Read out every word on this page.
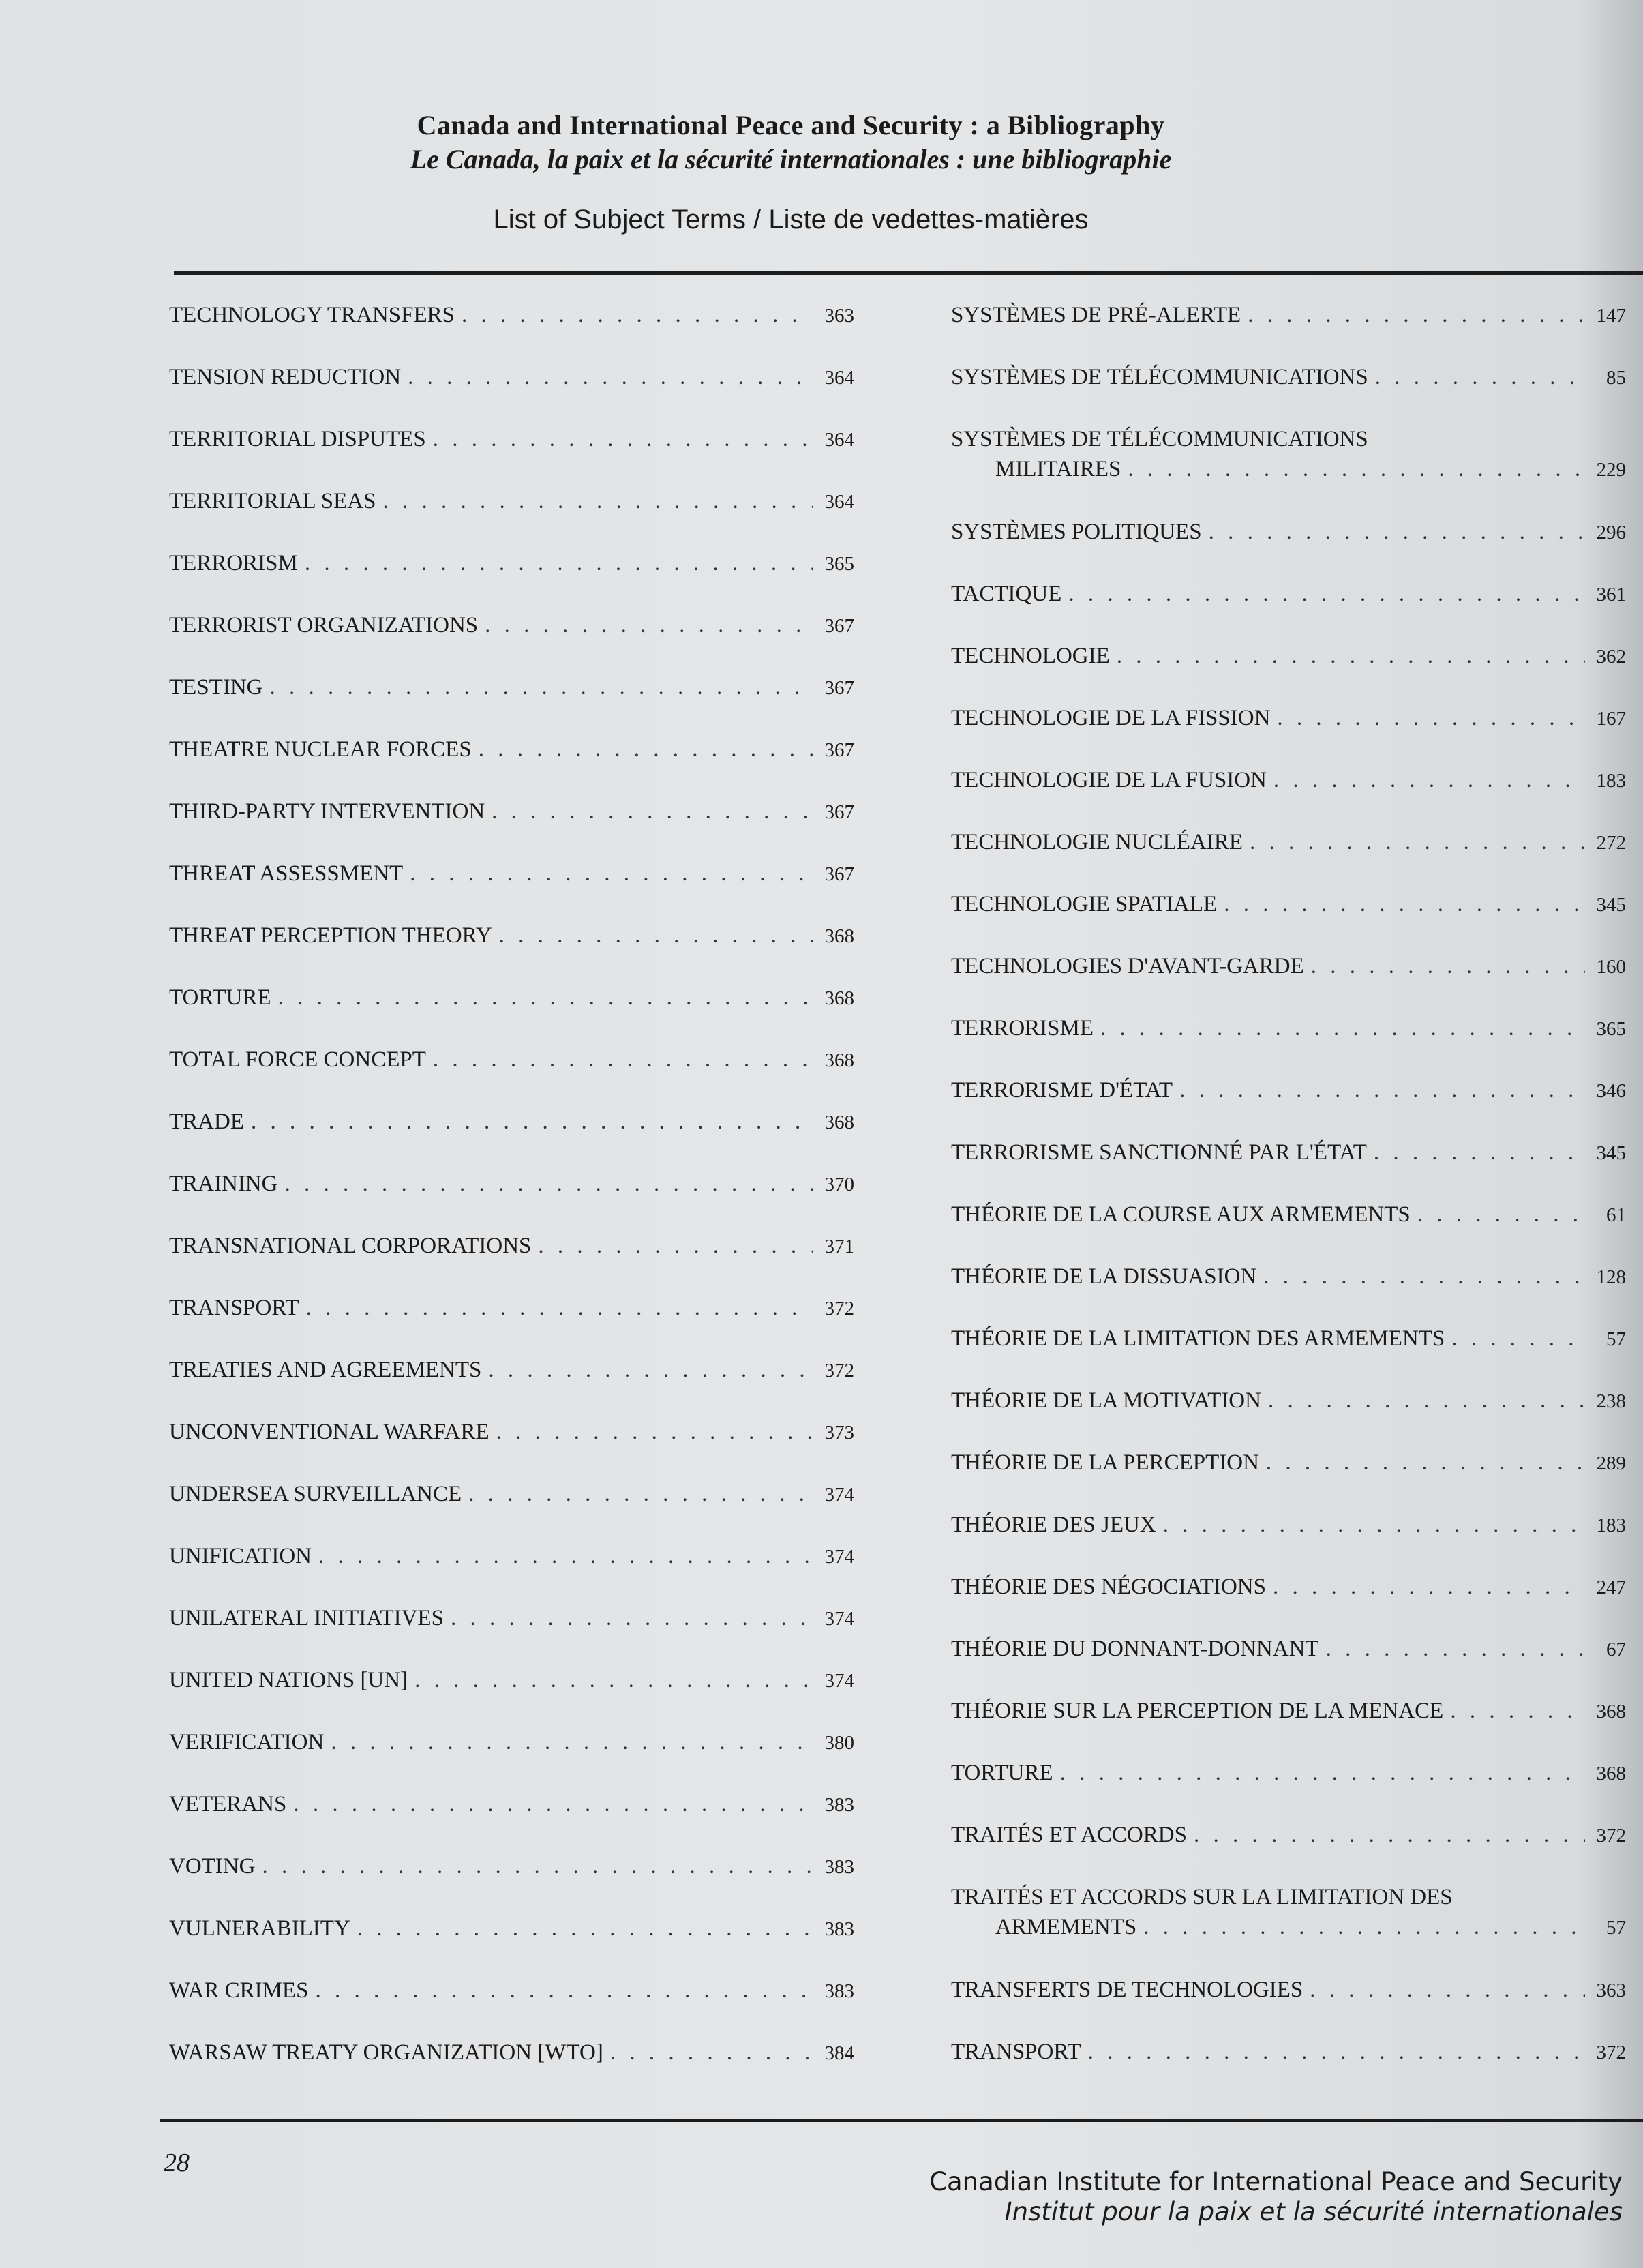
Canada and International Peace and Security : a Bibliography
Le Canada, la paix et la sécurité internationales : une bibliographie
List of Subject Terms / Liste de vedettes-matières
TECHNOLOGY TRANSFERS . . .	363
TENSION REDUCTION . . .	364
TERRITORIAL DISPUTES . . .	364
TERRITORIAL SEAS . . .	364
TERRORISM . . .	365
TERRORIST ORGANIZATIONS . . .	367
TESTING . . .	367
THEATRE NUCLEAR FORCES . . .	367
THIRD-PARTY INTERVENTION . . .	367
THREAT ASSESSMENT . . .	367
THREAT PERCEPTION THEORY . . .	368
TORTURE . . .	368
TOTAL FORCE CONCEPT . . .	368
TRADE . . .	368
TRAINING . . .	370
TRANSNATIONAL CORPORATIONS . . .	371
TRANSPORT . . .	372
TREATIES AND AGREEMENTS . . .	372
UNCONVENTIONAL WARFARE . . .	373
UNDERSEA SURVEILLANCE . . .	374
UNIFICATION . . .	374
UNILATERAL INITIATIVES . . .	374
UNITED NATIONS [UN] . . .	374
VERIFICATION . . .	380
VETERANS . . .	383
VOTING . . .	383
VULNERABILITY . . .	383
WAR CRIMES . . .	383
WARSAW TREATY ORGANIZATION [WTO] . . .	384
SYSTÈMES DE PRÉ-ALERTE . . .	147
SYSTÈMES DE TÉLÉCOMMUNICATIONS . . .	85
SYSTÈMES DE TÉLÉCOMMUNICATIONS
MILITAIRES . . .	229
SYSTÈMES POLITIQUES . . .	296
TACTIQUE . . .	361
TECHNOLOGIE . . .	362
TECHNOLOGIE DE LA FISSION . . .	167
TECHNOLOGIE DE LA FUSION . . .	183
TECHNOLOGIE NUCLÉAIRE . . .	272
TECHNOLOGIE SPATIALE . . .	345
TECHNOLOGIES D'AVANT-GARDE . . .	160
TERRORISME . . .	365
TERRORISME D'ÉTAT . . .	346
TERRORISME SANCTIONNÉ PAR L'ÉTAT . . .	345
THÉORIE DE LA COURSE AUX ARMEMENTS . . .	61
THÉORIE DE LA DISSUASION . . .	128
THÉORIE DE LA LIMITATION DES ARMEMENTS . . .	57
THÉORIE DE LA MOTIVATION . . .	238
THÉORIE DE LA PERCEPTION . . .	289
THÉORIE DES JEUX . . .	183
THÉORIE DES NÉGOCIATIONS . . .	247
THÉORIE DU DONNANT-DONNANT . . .	67
THÉORIE SUR LA PERCEPTION DE LA MENACE . . .	368
TORTURE . . .	368
TRAITÉS ET ACCORDS . . .	372
TRAITÉS ET ACCORDS SUR LA LIMITATION DES
ARMEMENTS . . .	57
TRANSFERTS DE TECHNOLOGIES . . .	363
TRANSPORT . . .	372
28
Canadian Institute for International Peace and Security
Institut pour la paix et la sécurité internationales
